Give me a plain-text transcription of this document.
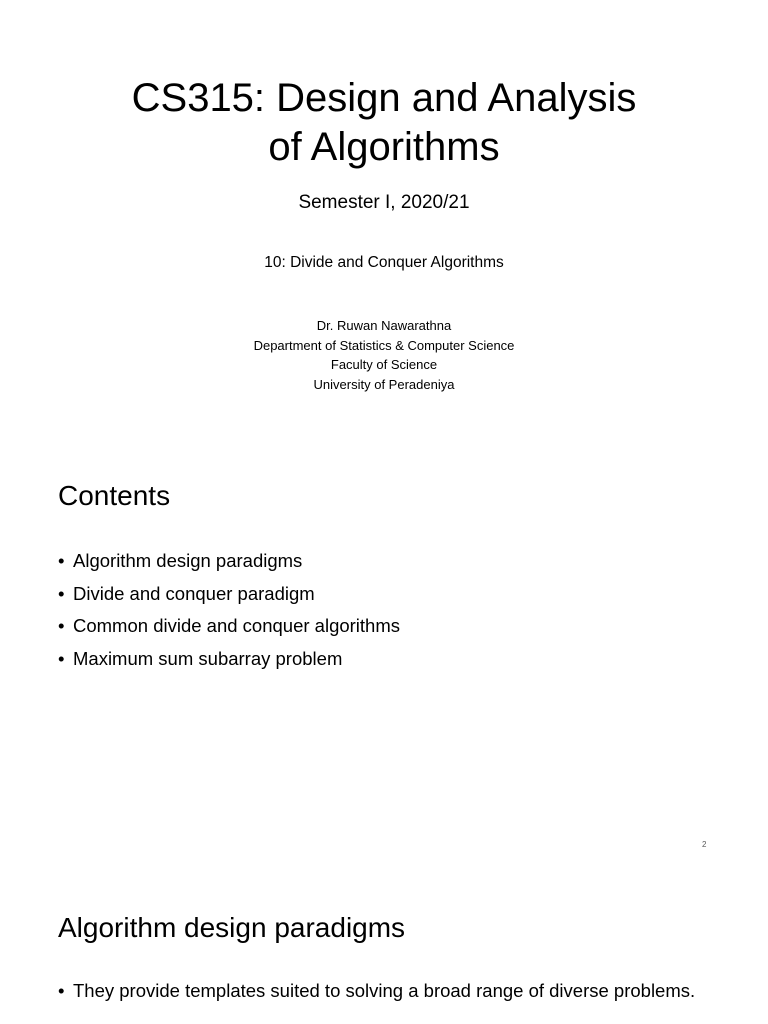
CS315: Design and Analysis
of Algorithms
Semester I, 2020/21
10: Divide and Conquer Algorithms
Dr. Ruwan Nawarathna
Department of Statistics & Computer Science
Faculty of Science
University of Peradeniya
Contents
• Algorithm design paradigms
• Divide and conquer paradigm
• Common divide and conquer algorithms
• Maximum sum subarray problem
2
Algorithm design paradigms
• They provide templates suited to solving a broad range of diverse problems.
